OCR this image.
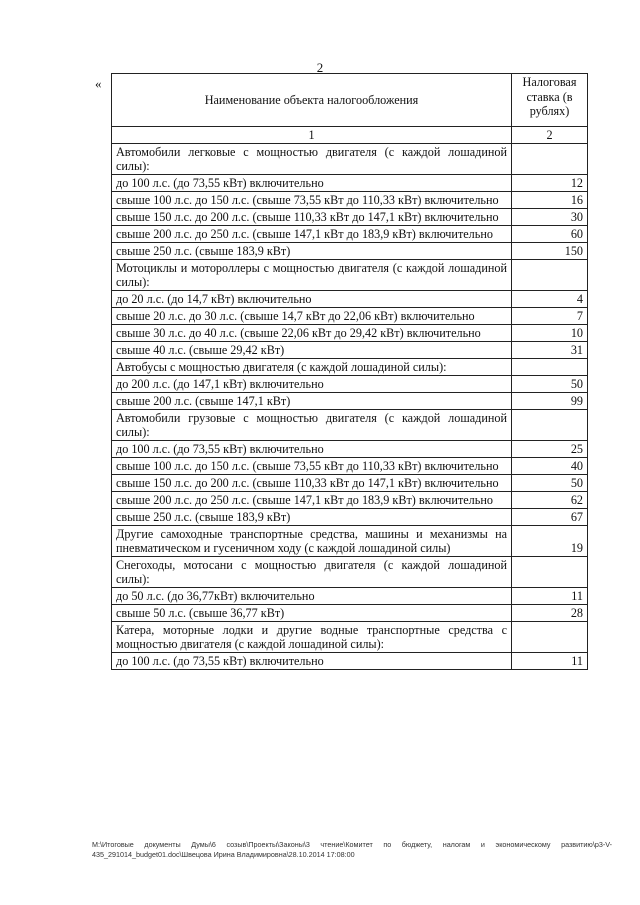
2
«
Наименование объекта налогообложения	Налоговая ставка (в рублях)
1	2
Автомобили легковые с мощностью двигателя (с каждой лошадиной силы):	
до 100 л.с. (до 73,55 кВт) включительно	12
свыше 100 л.с. до 150 л.с. (свыше 73,55 кВт до 110,33 кВт) включительно	16
свыше 150 л.с. до 200 л.с. (свыше 110,33 кВт до 147,1 кВт) включительно	30
свыше 200 л.с. до 250 л.с. (свыше 147,1 кВт до 183,9 кВт) включительно	60
свыше 250 л.с. (свыше 183,9 кВт)	150
Мотоциклы и мотороллеры с мощностью двигателя (с каждой лошадиной силы):	
до 20 л.с. (до 14,7 кВт) включительно	4
свыше 20 л.с. до 30 л.с. (свыше 14,7 кВт до 22,06 кВт) включительно	7
свыше 30 л.с. до 40 л.с. (свыше 22,06 кВт до 29,42 кВт) включительно	10
свыше 40 л.с. (свыше 29,42 кВт)	31
Автобусы с мощностью двигателя (с каждой лошадиной силы):	
до 200 л.с. (до 147,1 кВт) включительно	50
свыше 200 л.с. (свыше 147,1 кВт)	99
Автомобили грузовые с мощностью двигателя (с каждой лошадиной силы):	
до 100 л.с. (до 73,55 кВт) включительно	25
свыше 100 л.с. до 150 л.с. (свыше 73,55 кВт до 110,33 кВт) включительно	40
свыше 150 л.с. до 200 л.с. (свыше 110,33 кВт до 147,1 кВт) включительно	50
свыше 200 л.с. до 250 л.с. (свыше 147,1 кВт до 183,9 кВт) включительно	62
свыше 250 л.с. (свыше 183,9 кВт)	67
Другие самоходные транспортные средства, машины и механизмы на пневматическом и гусеничном ходу (с каждой лошадиной силы)	19
Снегоходы, мотосани с мощностью двигателя (с каждой лошадиной силы):	
до 50 л.с. (до 36,77кВт) включительно	11
свыше 50 л.с. (свыше 36,77 кВт)	28
Катера, моторные лодки и другие водные транспортные средства с мощностью двигателя (с каждой лошадиной силы):	
до 100 л.с. (до 73,55 кВт) включительно	11
M:\Итоговые документы Думы\6 созыв\Проекты\Законы\3 чтение\Комитет по бюджету, налогам и экономическому развитию\р3-V-435_291014_budget01.doc\Швецова Ирина Владимировна\28.10.2014 17:08:00
